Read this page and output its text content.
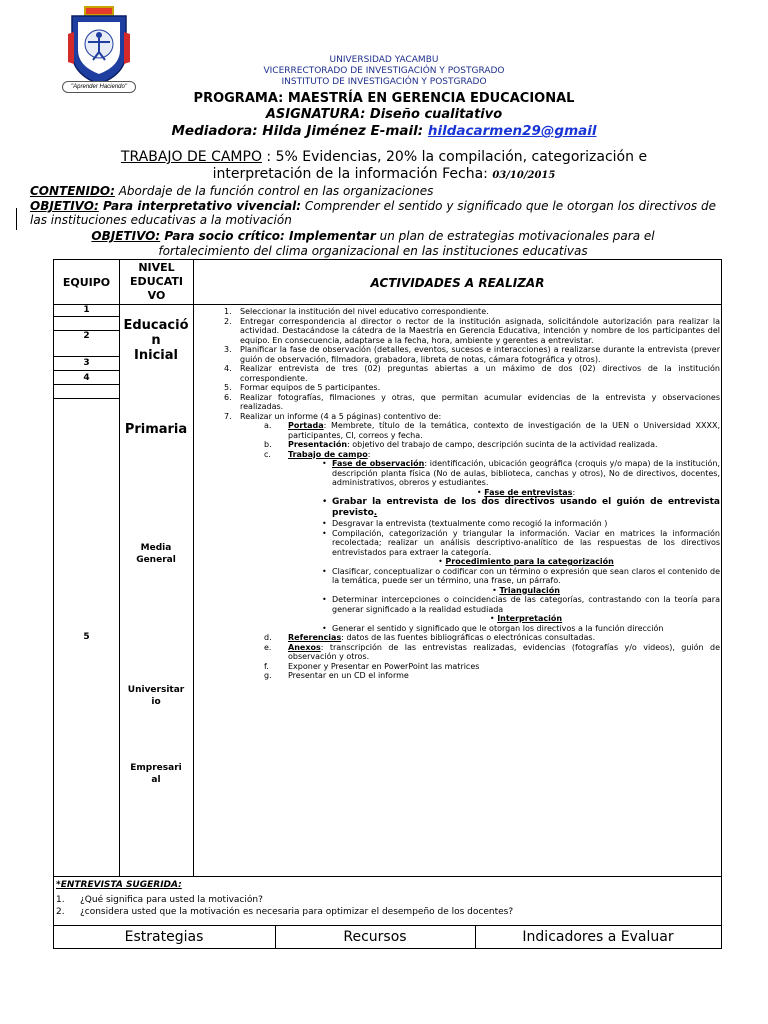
"Aprender Haciendo"
UNIVERSIDAD YACAMBU
VICERRECTORADO DE INVESTIGACIÓN Y POSTGRADO
INSTITUTO DE INVESTIGACIÓN Y POSTGRADO
PROGRAMA: MAESTRÍA EN GERENCIA EDUCACIONAL
ASIGNATURA: Diseño cualitativo
Mediadora: Hilda Jiménez E-mail: hildacarmen29@gmail
TRABAJO DE CAMPO : 5% Evidencias, 20% la compilación, categorización e
interpretación de la información Fecha: 03/10/2015
CONTENIDO: Abordaje de la función control en las organizaciones
OBJETIVO: Para interpretativo vivencial: Comprender el sentido y significado que le otorgan los directivos de las instituciones educativas a la motivación
OBJETIVO: Para socio crítico: Implementar un plan de estrategias motivacionales para el
fortalecimiento del clima organizacional en las instituciones educativas
EQUIPO
NIVEL
EDUCATI
VO
ACTIVIDADES A REALIZAR
1
2
3
4
5
Educació
n
Inicial
Primaria
Media
General
Universitar
io
Empresari
al
1. Seleccionar la institución del nivel educativo correspondiente.
2. Entregar correspondencia al director o rector de la institución asignada, solicitándole autorización para realizar la actividad. Destacándose la cátedra de la Maestría en Gerencia Educativa, intención y nombre de los participantes del equipo. En consecuencia, adaptarse a la fecha, hora, ambiente y gerentes a entrevistar.
3. Planificar la fase de observación (detalles, eventos, sucesos e interacciones) a realizarse durante la entrevista (prever guión de observación, filmadora, grabadora, libreta de notas, cámara fotográfica y otros).
4. Realizar entrevista de tres (02) preguntas abiertas a un máximo de dos (02) directivos de la institución correspondiente.
5. Formar equipos de 5 participantes.
6. Realizar fotografías, filmaciones y otras, que permitan acumular evidencias de la entrevista y observaciones realizadas.
7. Realizar un informe (4 a 5 páginas) contentivo de:
a. Portada: Membrete, título de la temática, contexto de investigación de la UEN o Universidad XXXX, participantes, CI, correos y fecha.
b. Presentación: objetivo del trabajo de campo, descripción sucinta de la actividad realizada.
c. Trabajo de campo:
• Fase de observación: identificación, ubicación geográfica (croquis y/o mapa) de la institución, descripción planta física (No de aulas, biblioteca, canchas y otros), No de directivos, docentes, administrativos, obreros y estudiantes.
• Fase de entrevistas:
• Grabar la entrevista de los dos directivos usando el guión de entrevista previsto.
• Desgravar la entrevista (textualmente como recogió la información )
• Compilación, categorización y triangular la información. Vaciar en matrices la información recolectada; realizar un análisis descriptivo-analítico de las respuestas de los directivos entrevistados para extraer la categoría.
• Procedimiento para la categorización
• Clasificar, conceptualizar o codificar con un término o expresión que sean claros el contenido de la temática, puede ser un término, una frase, un párrafo.
• Triangulación
• Determinar intercepciones o coincidencias de las categorías, contrastando con la teoría para generar significado a la realidad estudiada
• Interpretación
• Generar el sentido y significado que le otorgan los directivos a la función dirección
d. Referencias: datos de las fuentes bibliográficas o electrónicas consultadas.
e. Anexos: transcripción de las entrevistas realizadas, evidencias (fotografías y/o videos), guión de observación y otros.
f. Exponer y Presentar en PowerPoint las matrices
g. Presentar en un CD el informe
*ENTREVISTA SUGERIDA:
1. ¿Qué significa para usted la motivación?
2. ¿considera usted que la motivación es necesaria para optimizar el desempeño de los docentes?
Estrategias	Recursos	Indicadores a Evaluar
